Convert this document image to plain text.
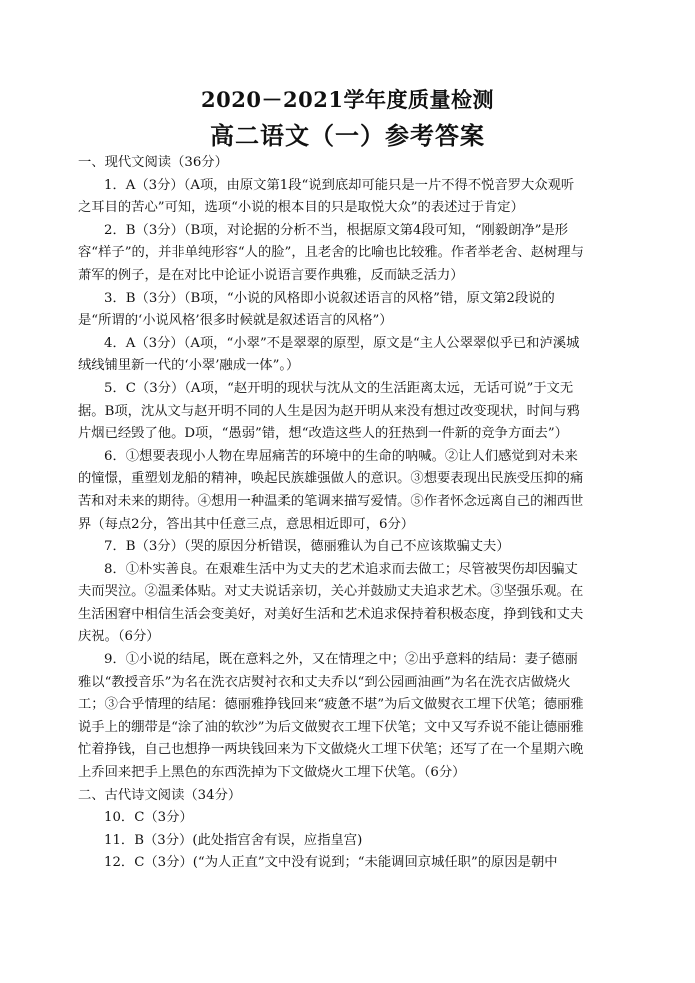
2020－2021学年度质量检测
高二语文（一）参考答案

一、现代文阅读（36分）

1．A（3分）（A项，由原文第1段“说到底却可能只是一片不得不悦音罗大众观听之耳目的苦心”可知，选项“小说的根本目的只是取悦大众”的表述过于肯定）

2．B（3分）（B项，对论据的分析不当，根据原文第4段可知，“刚毅朗净”是形容“样子”的，并非单纯形容“人的脸”，且老舍的比喻也比较雅。作者举老舍、赵树理与萧军的例子，是在对比中论证小说语言要作典雅，反而缺乏活力）

3．B（3分）（B项，“小说的风格即小说叙述语言的风格”错，原文第2段说的是“所谓的‘小说风格’很多时候就是叙述语言的风格”）

4．A（3分）（A项，“小翠”不是翠翠的原型，原文是“主人公翠翠似乎已和泸溪城绒线铺里新一代的‘小翠’融成一体”。）

5．C（3分）（A项，“赵开明的现状与沈从文的生活距离太远，无话可说”于文无据。B项，沈从文与赵开明不同的人生是因为赵开明从来没有想过改变现状，时间与鸦片烟已经毁了他。D项，“愚弱”错，想“改造这些人的狂热到一件新的竞争方面去”）

6．①想要表现小人物在卑屈痛苦的环境中的生命的呐喊。②让人们感觉到对未来的憧憬，重塑划龙船的精神，唤起民族雄强做人的意识。③想要表现出民族受压抑的痛苦和对未来的期待。④想用一种温柔的笔调来描写爱情。⑤作者怀念远离自己的湘西世界（每点2分，答出其中任意三点，意思相近即可，6分）

7．B（3分）（哭的原因分析错误，德丽雅认为自己不应该欺骗丈夫）

8．①朴实善良。在艰难生活中为丈夫的艺术追求而去做工；尽管被哭伤却因骗丈夫而哭泣。②温柔体贴。对丈夫说话亲切，关心并鼓励丈夫追求艺术。③坚强乐观。在生活困窘中相信生活会变美好，对美好生活和艺术追求保持着积极态度，挣到钱和丈夫庆祝。（6分）

9．①小说的结尾，既在意料之外，又在情理之中；②出乎意料的结局：妻子德丽雅以“教授音乐”为名在洗衣店熨衬衣和丈夫乔以“到公园画油画”为名在洗衣店做烧火工；③合乎情理的结尾：德丽雅挣钱回来“疲惫不堪”为后文做熨衣工埋下伏笔；德丽雅说手上的绷带是“涂了油的软沙”为后文做熨衣工埋下伏笔；文中又写乔说不能让德丽雅忙着挣钱，自己也想挣一两块钱回来为下文做烧火工埋下伏笔；还写了在一个星期六晚上乔回来把手上黑色的东西洗掉为下文做烧火工埋下伏笔。（6分）

二、古代诗文阅读（34分）

10．C（3分）

11．B（3分）(此处指宫舍有误，应指皇宫)

12．C（3分）(“为人正直”文中没有说到；“未能调回京城任职”的原因是朝中
